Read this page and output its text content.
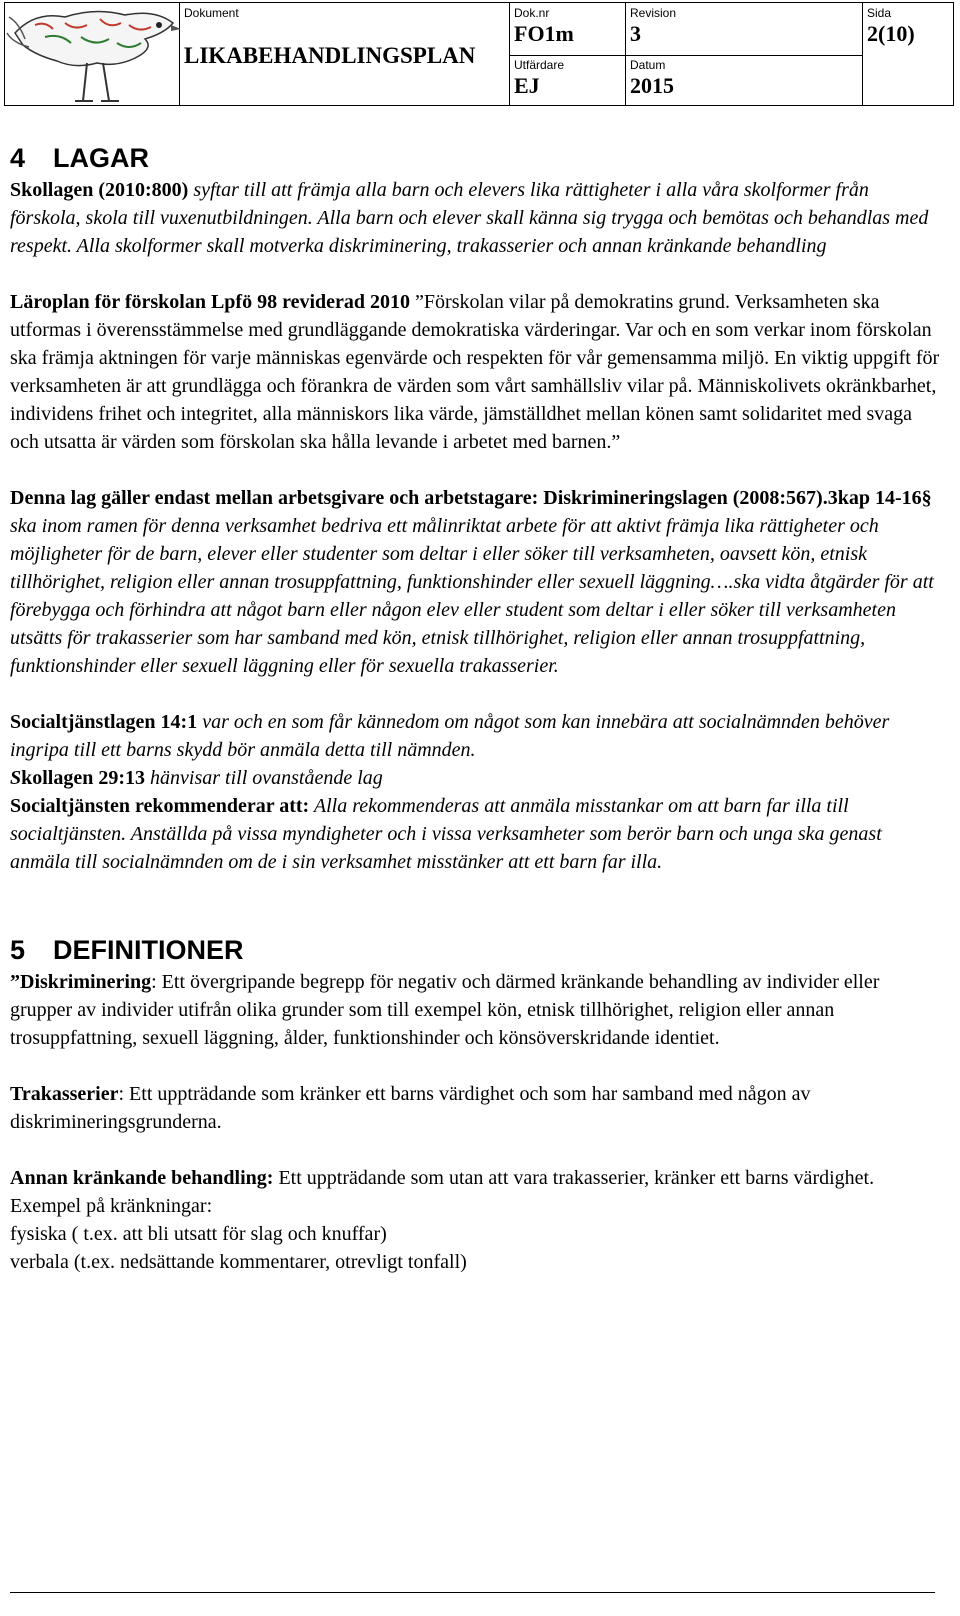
Dokument
LIKABEHANDLINGSPLAN
Dok.nr
FO1m
Utfärdare
EJ
Revision
3
Datum
2015
Sida
2(10)
4 LAGAR

Skollagen (2010:800) syftar till att främja alla barn och elevers lika rättigheter i alla våra skolformer från förskola, skola till vuxenutbildningen. Alla barn och elever skall känna sig trygga och bemötas och behandlas med respekt. Alla skolformer skall motverka diskriminering, trakasserier och annan kränkande behandling

Läroplan för förskolan Lpfö 98 reviderad 2010 ”Förskolan vilar på demokratins grund. Verksamheten ska utformas i överensstämmelse med grundläggande demokratiska värderingar. Var och en som verkar inom förskolan ska främja aktningen för varje människas egenvärde och respekten för vår gemensamma miljö. En viktig uppgift för verksamheten är att grundlägga och förankra de värden som vårt samhällsliv vilar på. Människolivets okränkbarhet, individens frihet och integritet, alla människors lika värde, jämställdhet mellan könen samt solidaritet med svaga och utsatta är värden som förskolan ska hålla levande i arbetet med barnen.”

Denna lag gäller endast mellan arbetsgivare och arbetstagare: Diskrimineringslagen (2008:567).3kap 14-16§ ska inom ramen för denna verksamhet bedriva ett målinriktat arbete för att aktivt främja lika rättigheter och möjligheter för de barn, elever eller studenter som deltar i eller söker till verksamheten, oavsett kön, etnisk tillhörighet, religion eller annan trosuppfattning, funktionshinder eller sexuell läggning….ska vidta åtgärder för att förebygga och förhindra att något barn eller någon elev eller student som deltar i eller söker till verksamheten utsätts för trakasserier som har samband med kön, etnisk tillhörighet, religion eller annan trosuppfattning, funktionshinder eller sexuell läggning eller för sexuella trakasserier.

Socialtjänstlagen 14:1 var och en som får kännedom om något som kan innebära att socialnämnden behöver ingripa till ett barns skydd bör anmäla detta till nämnden.

Skollagen 29:13 hänvisar till ovanstående lag

Socialtjänsten rekommenderar att: Alla rekommenderas att anmäla misstankar om att barn far illa till socialtjänsten. Anställda på vissa myndigheter och i vissa verksamheter som berör barn och unga ska genast anmäla till socialnämnden om de i sin verksamhet misstänker att ett barn far illa.

5 DEFINITIONER

”Diskriminering: Ett övergripande begrepp för negativ och därmed kränkande behandling av individer eller grupper av individer utifrån olika grunder som till exempel kön, etnisk tillhörighet, religion eller annan trosuppfattning, sexuell läggning, ålder, funktionshinder och könsöverskridande identiet.

Trakasserier: Ett uppträdande som kränker ett barns värdighet och som har samband med någon av diskrimineringsgrunderna.

Annan kränkande behandling: Ett uppträdande som utan att vara trakasserier, kränker ett barns värdighet. Exempel på kränkningar:

fysiska ( t.ex. att bli utsatt för slag och knuffar)

verbala (t.ex. nedsättande kommentarer, otrevligt tonfall)
